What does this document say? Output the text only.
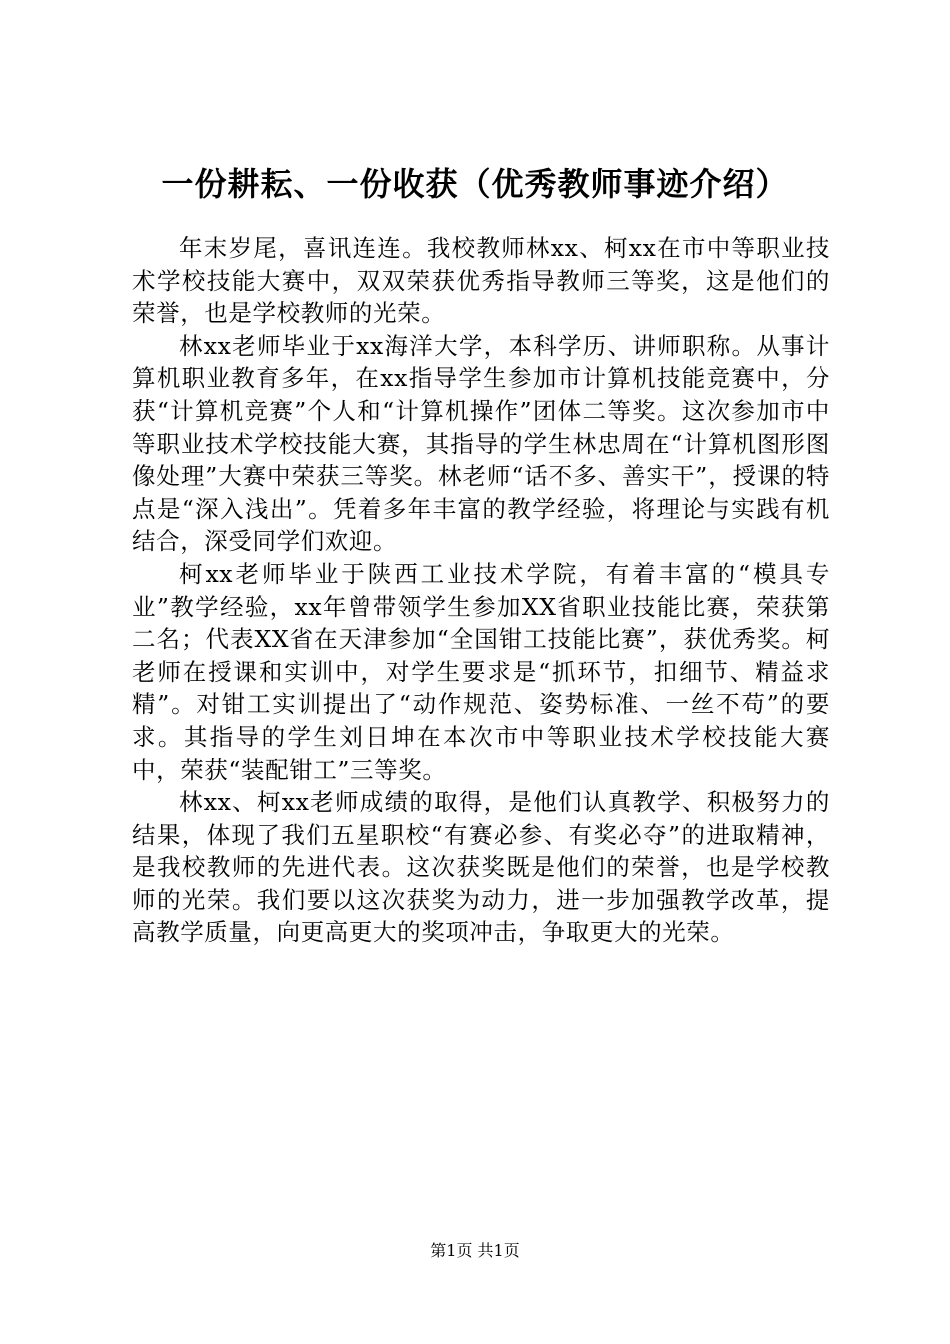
一份耕耘、一份收获（优秀教师事迹介绍）

年末岁尾，喜讯连连。我校教师林xx、柯xx在市中等职业技术学校技能大赛中，双双荣获优秀指导教师三等奖，这是他们的荣誉，也是学校教师的光荣。

林xx老师毕业于xx海洋大学，本科学历、讲师职称。从事计算机职业教育多年，在xx指导学生参加市计算机技能竞赛中，分获“计算机竞赛”个人和“计算机操作”团体二等奖。这次参加市中等职业技术学校技能大赛，其指导的学生林忠周在“计算机图形图像处理”大赛中荣获三等奖。林老师“话不多、善实干”，授课的特点是“深入浅出”。凭着多年丰富的教学经验，将理论与实践有机结合，深受同学们欢迎。

柯xx老师毕业于陕西工业技术学院，有着丰富的“模具专业”教学经验，xx年曾带领学生参加XX省职业技能比赛，荣获第二名；代表XX省在天津参加“全国钳工技能比赛”，获优秀奖。柯老师在授课和实训中，对学生要求是“抓环节，扣细节、精益求精”。对钳工实训提出了“动作规范、姿势标准、一丝不苟”的要求。其指导的学生刘日坤在本次市中等职业技术学校技能大赛中，荣获“装配钳工”三等奖。

林xx、柯xx老师成绩的取得，是他们认真教学、积极努力的结果，体现了我们五星职校“有赛必参、有奖必夺”的进取精神，是我校教师的先进代表。这次获奖既是他们的荣誉，也是学校教师的光荣。我们要以这次获奖为动力，进一步加强教学改革，提高教学质量，向更高更大的奖项冲击，争取更大的光荣。

第1页 共1页
